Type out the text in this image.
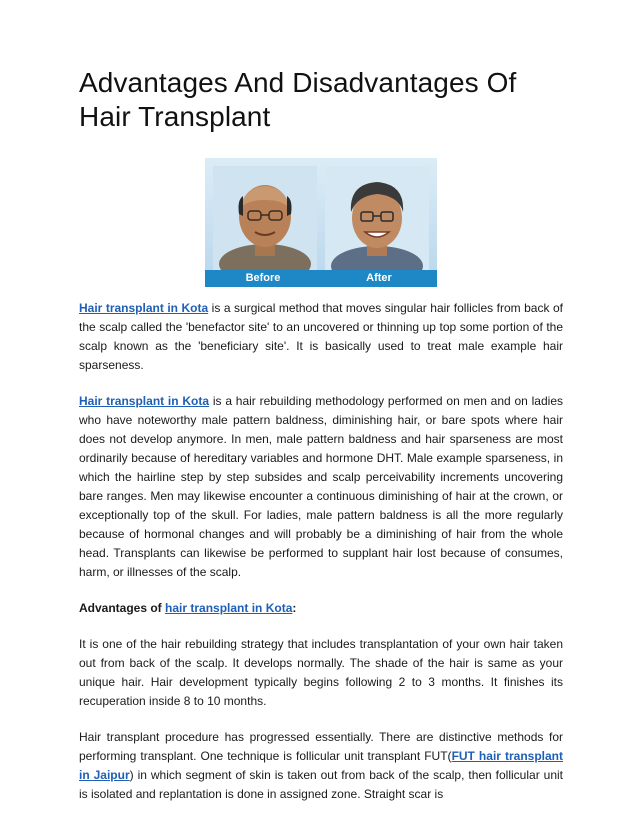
Advantages And Disadvantages Of Hair Transplant
Before	After

Hair transplant in Kota is a surgical method that moves singular hair follicles from back of the scalp called the 'benefactor site' to an uncovered or thinning up top some portion of the scalp known as the 'beneficiary site'. It is basically used to treat male example hair sparseness.

Hair transplant in Kota is a hair rebuilding methodology performed on men and on ladies who have noteworthy male pattern baldness, diminishing hair, or bare spots where hair does not develop anymore. In men, male pattern baldness and hair sparseness are most ordinarily because of hereditary variables and hormone DHT. Male example sparseness, in which the hairline step by step subsides and scalp perceivability increments uncovering bare ranges. Men may likewise encounter a continuous diminishing of hair at the crown, or exceptionally top of the skull. For ladies, male pattern baldness is all the more regularly because of hormonal changes and will probably be a diminishing of hair from the whole head. Transplants can likewise be performed to supplant hair lost because of consumes, harm, or illnesses of the scalp.

Advantages of hair transplant in Kota:

It is one of the hair rebuilding strategy that includes transplantation of your own hair taken out from back of the scalp. It develops normally. The shade of the hair is same as your unique hair. Hair development typically begins following 2 to 3 months. It finishes its recuperation inside 8 to 10 months.

Hair transplant procedure has progressed essentially. There are distinctive methods for performing transplant. One technique is follicular unit transplant FUT(FUT hair transplant in Jaipur) in which segment of skin is taken out from back of the scalp, then follicular unit is isolated and replantation is done in assigned zone. Straight scar is
